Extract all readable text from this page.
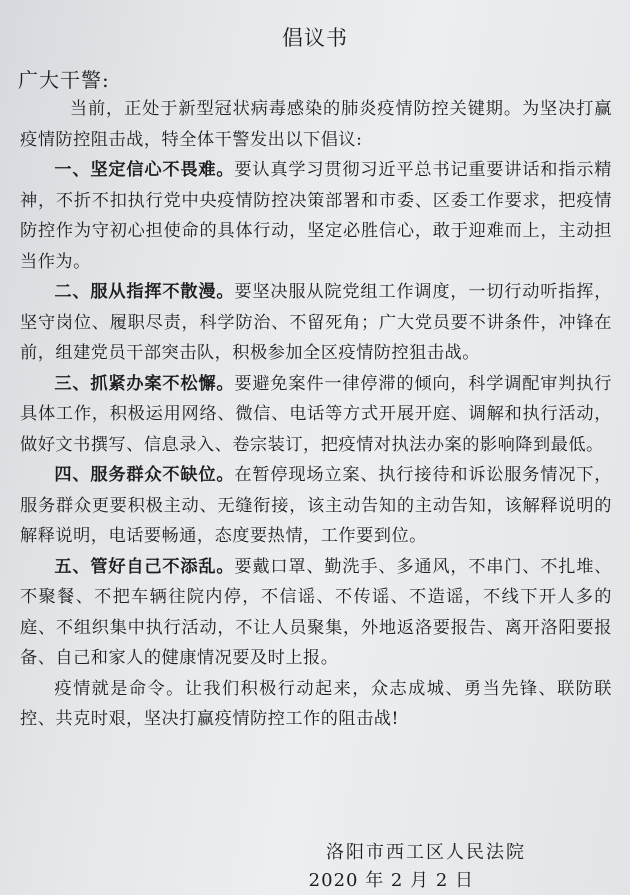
倡议书
广大干警:

当前，正处于新型冠状病毒感染的肺炎疫情防控关键期。为坚决打赢疫情防控阻击战，特全体干警发出以下倡议:

一、坚定信心不畏难。要认真学习贯彻习近平总书记重要讲话和指示精神，不折不扣执行党中央疫情防控决策部署和市委、区委工作要求，把疫情防控作为守初心担使命的具体行动，坚定必胜信心，敢于迎难而上，主动担当作为。

二、服从指挥不散漫。要坚决服从院党组工作调度，一切行动听指挥，坚守岗位、履职尽责，科学防治、不留死角；广大党员要不讲条件，冲锋在前，组建党员干部突击队，积极参加全区疫情防控狙击战。

三、抓紧办案不松懈。要避免案件一律停滞的倾向，科学调配审判执行具体工作，积极运用网络、微信、电话等方式开展开庭、调解和执行活动，做好文书撰写、信息录入、卷宗装订，把疫情对执法办案的影响降到最低。

四、服务群众不缺位。在暂停现场立案、执行接待和诉讼服务情况下，服务群众更要积极主动、无缝衔接，该主动告知的主动告知，该解释说明的解释说明，电话要畅通，态度要热情，工作要到位。

五、管好自己不添乱。要戴口罩、勤洗手、多通风，不串门、不扎堆、不聚餐、不把车辆往院内停，不信谣、不传谣、不造谣，不线下开人多的庭、不组织集中执行活动，不让人员聚集，外地返洛要报告、离开洛阳要报备、自己和家人的健康情况要及时上报。

疫情就是命令。让我们积极行动起来，众志成城、勇当先锋、联防联控、共克时艰，坚决打赢疫情防控工作的阻击战!

洛阳市西工区人民法院
2020 年 2 月 2 日
